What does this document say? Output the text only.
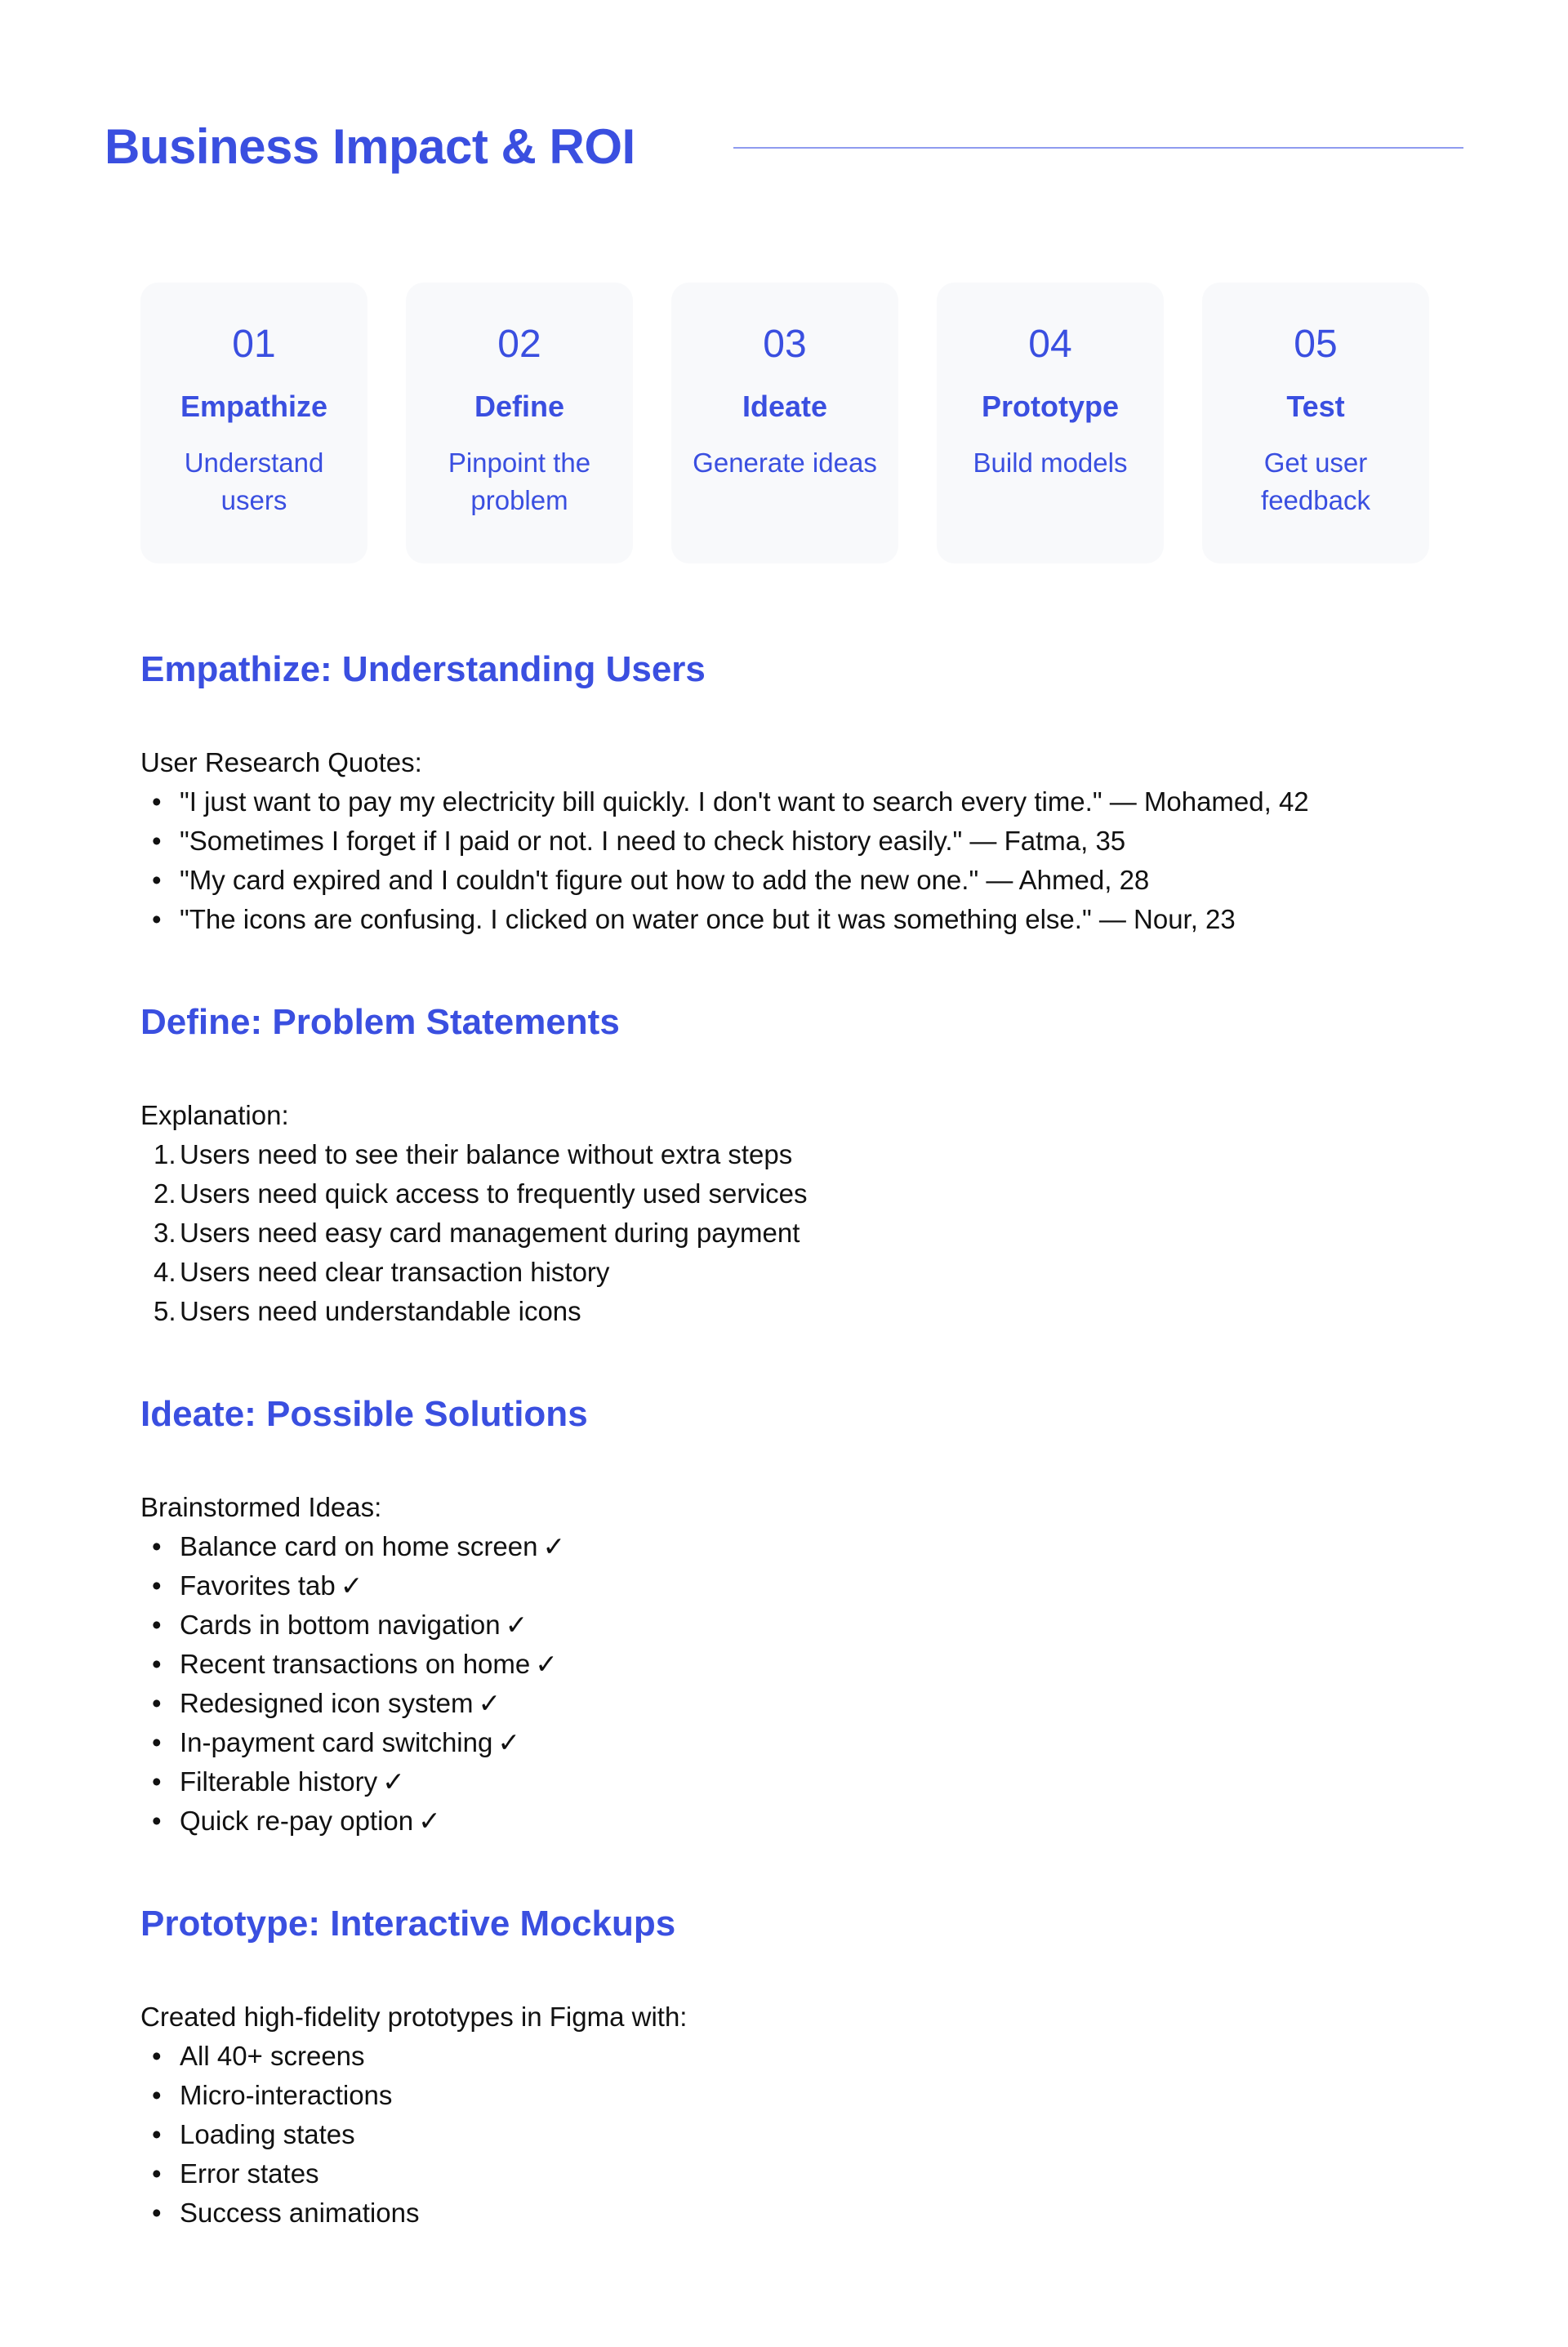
Business Impact & ROI
01
Empathize
Understand users
02
Define
Pinpoint the problem
03
Ideate
Generate ideas
04
Prototype
Build models
05
Test
Get user feedback
Empathize: Understanding Users
User Research Quotes:
• "I just want to pay my electricity bill quickly. I don't want to search every time." — Mohamed, 42
• "Sometimes I forget if I paid or not. I need to check history easily." — Fatma, 35
• "My card expired and I couldn't figure out how to add the new one." — Ahmed, 28
• "The icons are confusing. I clicked on water once but it was something else." — Nour, 23
Define: Problem Statements
Explanation:
1. Users need to see their balance without extra steps
2. Users need quick access to frequently used services
3. Users need easy card management during payment
4. Users need clear transaction history
5. Users need understandable icons
Ideate: Possible Solutions
Brainstormed Ideas:
• Balance card on home screen ✓
• Favorites tab ✓
• Cards in bottom navigation ✓
• Recent transactions on home ✓
• Redesigned icon system ✓
• In-payment card switching ✓
• Filterable history ✓
• Quick re-pay option ✓
Prototype: Interactive Mockups
Created high-fidelity prototypes in Figma with:
• All 40+ screens
• Micro-interactions
• Loading states
• Error states
• Success animations
